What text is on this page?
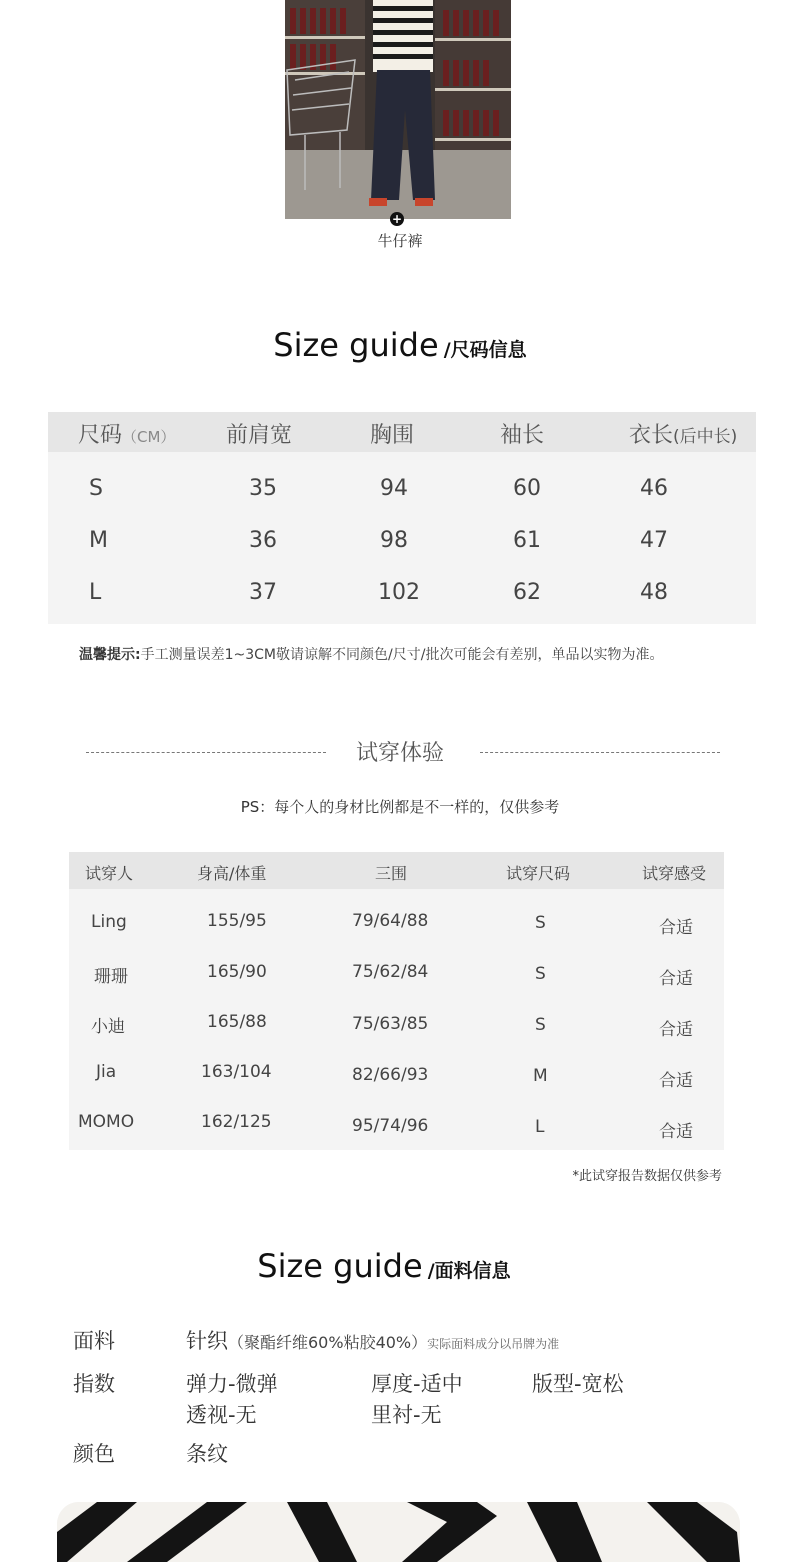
+
牛仔裤
Size guide /尺码信息
尺码（CM） 前肩宽	胸围	袖长	衣长(后中长)
S	35	94	60	46
M	36	98	61	47
L	37	102	62	48
温馨提示:手工测量误差1~3CM敬请谅解不同颜色/尺寸/批次可能会有差别，单品以实物为准。
试穿体验
PS：每个人的身材比例都是不一样的，仅供参考
试穿人	身高/体重	三围	试穿尺码	试穿感受
Ling	155/95	79/64/88	S	合适
珊珊	165/90	75/62/84	S	合适
小迪	165/88	75/63/85	S	合适
Jia	163/104	82/66/93	M	合适
MOMO	162/125	95/74/96	L	合适
*此试穿报告数据仅供参考
Size guide /面料信息
面料	针织（聚酯纤维60%粘胶40%）实际面料成分以吊牌为准
指数	弹力-微弹	厚度-适中	版型-宽松
透视-无	里衬-无
颜色	条纹
